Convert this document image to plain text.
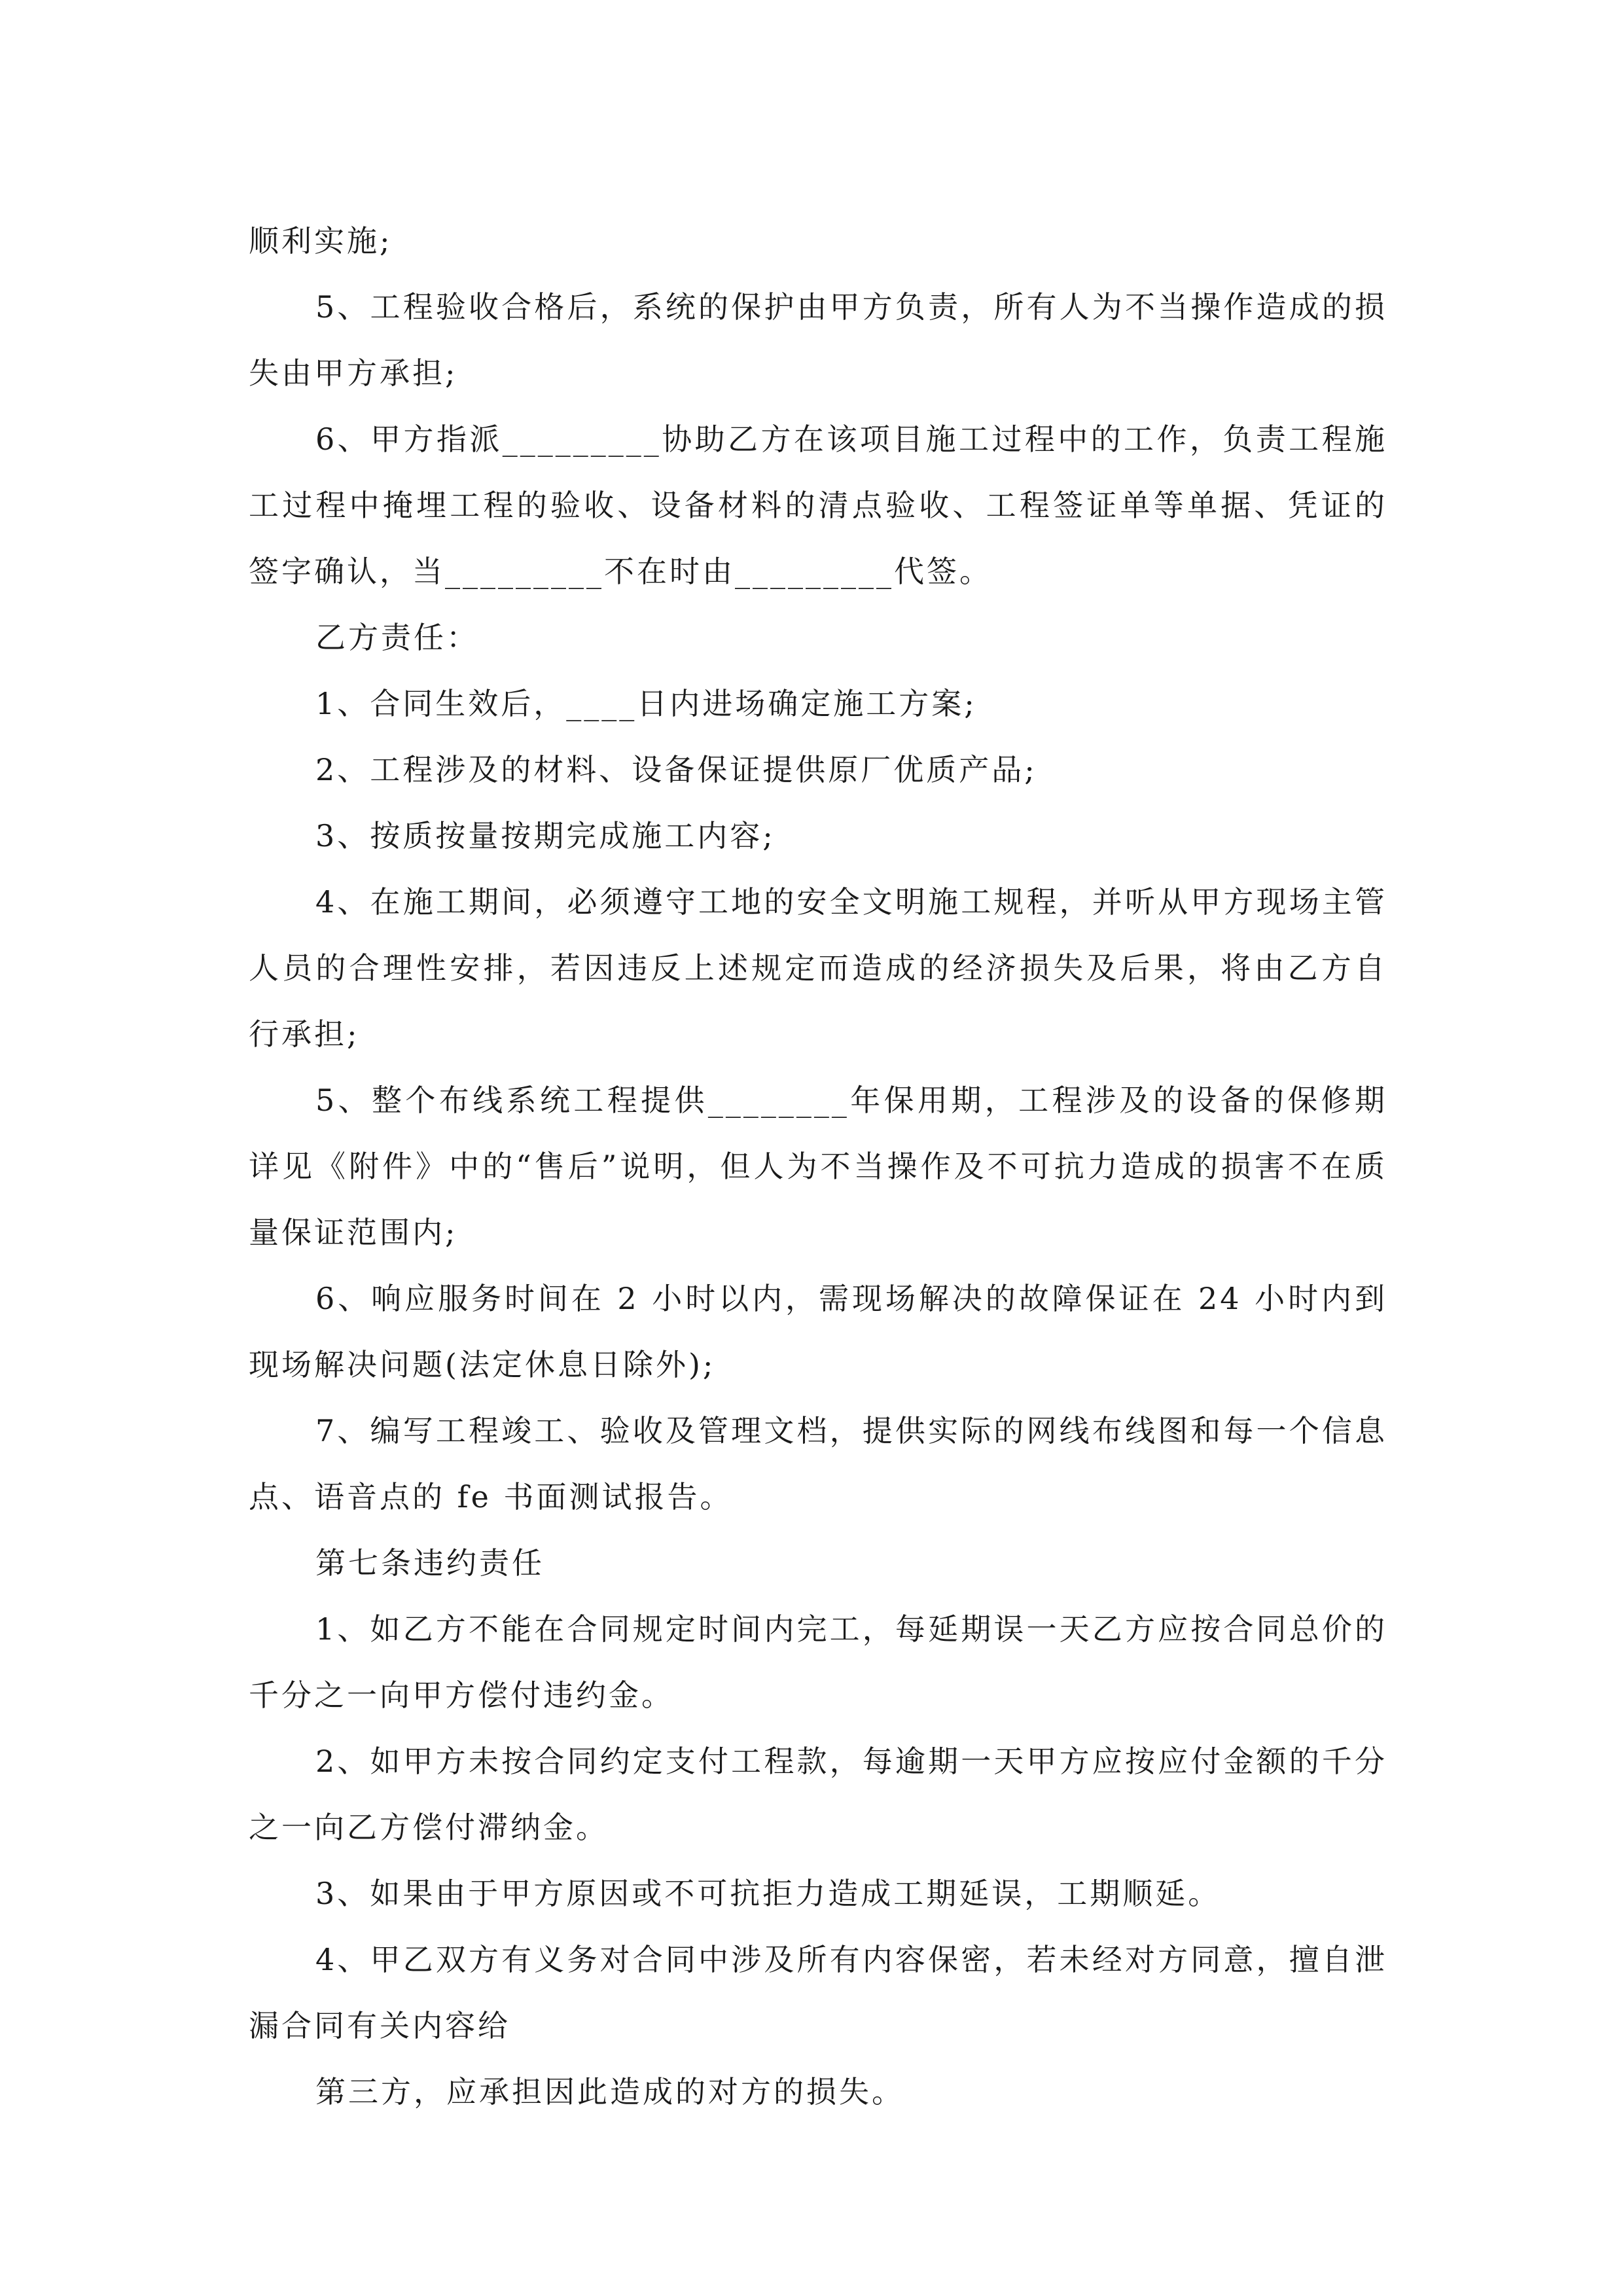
顺利实施;

5、工程验收合格后，系统的保护由甲方负责，所有人为不当操作造成的损失由甲方承担;

6、甲方指派_________协助乙方在该项目施工过程中的工作，负责工程施工过程中掩埋工程的验收、设备材料的清点验收、工程签证单等单据、凭证的签字确认，当_________不在时由_________代签。

乙方责任：

1、合同生效后，____日内进场确定施工方案;

2、工程涉及的材料、设备保证提供原厂优质产品;

3、按质按量按期完成施工内容;

4、在施工期间，必须遵守工地的安全文明施工规程，并听从甲方现场主管人员的合理性安排，若因违反上述规定而造成的经济损失及后果，将由乙方自行承担;

5、整个布线系统工程提供________年保用期，工程涉及的设备的保修期详见《附件》中的“售后”说明，但人为不当操作及不可抗力造成的损害不在质量保证范围内;

6、响应服务时间在 2 小时以内，需现场解决的故障保证在 24 小时内到现场解决问题(法定休息日除外);

7、编写工程竣工、验收及管理文档，提供实际的网线布线图和每一个信息点、语音点的 fe 书面测试报告。

第七条违约责任

1、如乙方不能在合同规定时间内完工，每延期误一天乙方应按合同总价的千分之一向甲方偿付违约金。

2、如甲方未按合同约定支付工程款，每逾期一天甲方应按应付金额的千分之一向乙方偿付滞纳金。

3、如果由于甲方原因或不可抗拒力造成工期延误，工期顺延。

4、甲乙双方有义务对合同中涉及所有内容保密，若未经对方同意，擅自泄漏合同有关内容给

第三方，应承担因此造成的对方的损失。
